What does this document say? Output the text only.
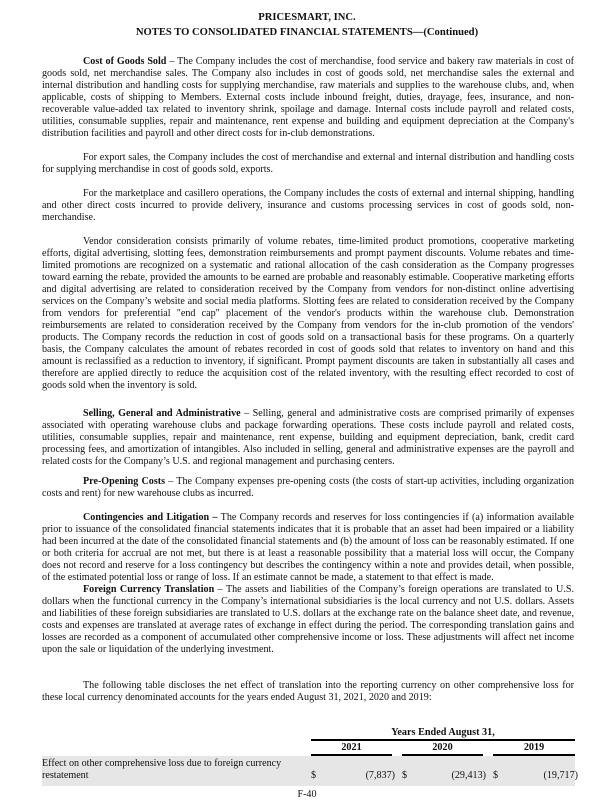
PRICESMART, INC.
NOTES TO CONSOLIDATED FINANCIAL STATEMENTS—(Continued)

Cost of Goods Sold – The Company includes the cost of merchandise, food service and bakery raw materials in cost of goods sold, net merchandise sales. The Company also includes in cost of goods sold, net merchandise sales the external and internal distribution and handling costs for supplying merchandise, raw materials and supplies to the warehouse clubs, and, when applicable, costs of shipping to Members. External costs include inbound freight, duties, drayage, fees, insurance, and non-recoverable value-added tax related to inventory shrink, spoilage and damage. Internal costs include payroll and related costs, utilities, consumable supplies, repair and maintenance, rent expense and building and equipment depreciation at the Company's distribution facilities and payroll and other direct costs for in-club demonstrations.

For export sales, the Company includes the cost of merchandise and external and internal distribution and handling costs for supplying merchandise in cost of goods sold, exports.

For the marketplace and casillero operations, the Company includes the costs of external and internal shipping, handling and other direct costs incurred to provide delivery, insurance and customs processing services in cost of goods sold, non-merchandise.

Vendor consideration consists primarily of volume rebates, time-limited product promotions, cooperative marketing efforts, digital advertising, slotting fees, demonstration reimbursements and prompt payment discounts. Volume rebates and time-limited promotions are recognized on a systematic and rational allocation of the cash consideration as the Company progresses toward earning the rebate, provided the amounts to be earned are probable and reasonably estimable. Cooperative marketing efforts and digital advertising are related to consideration received by the Company from vendors for non-distinct online advertising services on the Company’s website and social media platforms. Slotting fees are related to consideration received by the Company from vendors for preferential "end cap" placement of the vendor's products within the warehouse club. Demonstration reimbursements are related to consideration received by the Company from vendors for the in-club promotion of the vendors' products. The Company records the reduction in cost of goods sold on a transactional basis for these programs. On a quarterly basis, the Company calculates the amount of rebates recorded in cost of goods sold that relates to inventory on hand and this amount is reclassified as a reduction to inventory, if significant. Prompt payment discounts are taken in substantially all cases and therefore are applied directly to reduce the acquisition cost of the related inventory, with the resulting effect recorded to cost of goods sold when the inventory is sold.

Selling, General and Administrative – Selling, general and administrative costs are comprised primarily of expenses associated with operating warehouse clubs and package forwarding operations. These costs include payroll and related costs, utilities, consumable supplies, repair and maintenance, rent expense, building and equipment depreciation, bank, credit card processing fees, and amortization of intangibles. Also included in selling, general and administrative expenses are the payroll and related costs for the Company’s U.S. and regional management and purchasing centers.

Pre-Opening Costs – The Company expenses pre-opening costs (the costs of start-up activities, including organization costs and rent) for new warehouse clubs as incurred.

Contingencies and Litigation – The Company records and reserves for loss contingencies if (a) information available prior to issuance of the consolidated financial statements indicates that it is probable that an asset had been impaired or a liability had been incurred at the date of the consolidated financial statements and (b) the amount of loss can be reasonably estimated. If one or both criteria for accrual are not met, but there is at least a reasonable possibility that a material loss will occur, the Company does not record and reserve for a loss contingency but describes the contingency within a note and provides detail, when possible, of the estimated potential loss or range of loss. If an estimate cannot be made, a statement to that effect is made.

Foreign Currency Translation – The assets and liabilities of the Company’s foreign operations are translated to U.S. dollars when the functional currency in the Company’s international subsidiaries is the local currency and not U.S. dollars. Assets and liabilities of these foreign subsidiaries are translated to U.S. dollars at the exchange rate on the balance sheet date, and revenue, costs and expenses are translated at average rates of exchange in effect during the period. The corresponding translation gains and losses are recorded as a component of accumulated other comprehensive income or loss. These adjustments will affect net income upon the sale or liquidation of the underlying investment.

The following table discloses the net effect of translation into the reporting currency on other comprehensive loss for these local currency denominated accounts for the years ended August 31, 2021, 2020 and 2019:

Years Ended August 31,
2021	2020	2019
Effect on other comprehensive loss due to foreign currency restatement	$	(7,837) $	(29,413) $	(19,717)
F-40
